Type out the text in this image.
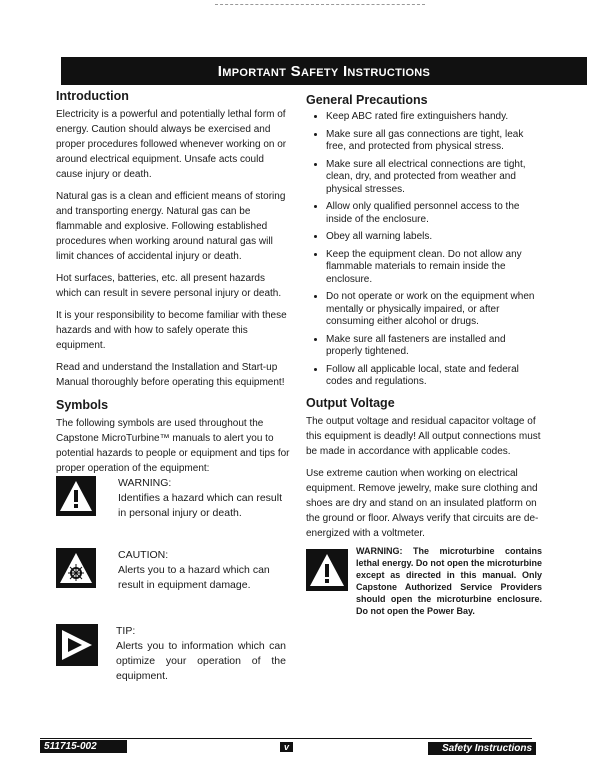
Important Safety Instructions
Introduction

Electricity is a powerful and potentially lethal form of energy. Caution should always be exercised and proper procedures followed whenever working on or around electrical equipment. Unsafe acts could cause injury or death.

Natural gas is a clean and efficient means of storing and transporting energy. Natural gas can be flammable and explosive. Following established procedures when working around natural gas will limit chances of accidental injury or death.

Hot surfaces, batteries, etc. all present hazards which can result in severe personal injury or death.

It is your responsibility to become familiar with these hazards and with how to safely operate this equipment.

Read and understand the Installation and Start-up Manual thoroughly before operating this equipment!

Symbols

The following symbols are used throughout the Capstone MicroTurbine™ manuals to alert you to potential hazards to people or equipment and tips for proper operation of the equipment:

WARNING:
Identifies a hazard which can result in personal injury or death.
CAUTION:
Alerts you to a hazard which can result in equipment damage.
TIP:
Alerts you to information which can optimize your operation of the equipment.
General Precautions
• Keep ABC rated fire extinguishers handy.
• Make sure all gas connections are tight, leak free, and protected from physical stress.
• Make sure all electrical connections are tight, clean, dry, and protected from weather and physical stresses.
• Allow only qualified personnel access to the inside of the enclosure.
• Obey all warning labels.
• Keep the equipment clean. Do not allow any flammable materials to remain inside the enclosure.
• Do not operate or work on the equipment when mentally or physically impaired, or after consuming either alcohol or drugs.
• Make sure all fasteners are installed and properly tightened.
• Follow all applicable local, state and federal codes and regulations.
Output Voltage

The output voltage and residual capacitor voltage of this equipment is deadly! All output connections must be made in accordance with applicable codes.

Use extreme caution when working on electrical equipment. Remove jewelry, make sure clothing and shoes are dry and stand on an insulated platform on the ground or floor. Always verify that circuits are de-energized with a voltmeter.

WARNING: The microturbine contains lethal energy. Do not open the microturbine except as directed in this manual. Only Capstone Authorized Service Providers should open the microturbine enclosure. Do not open the Power Bay.
511715-002	v	Safety Instructions
